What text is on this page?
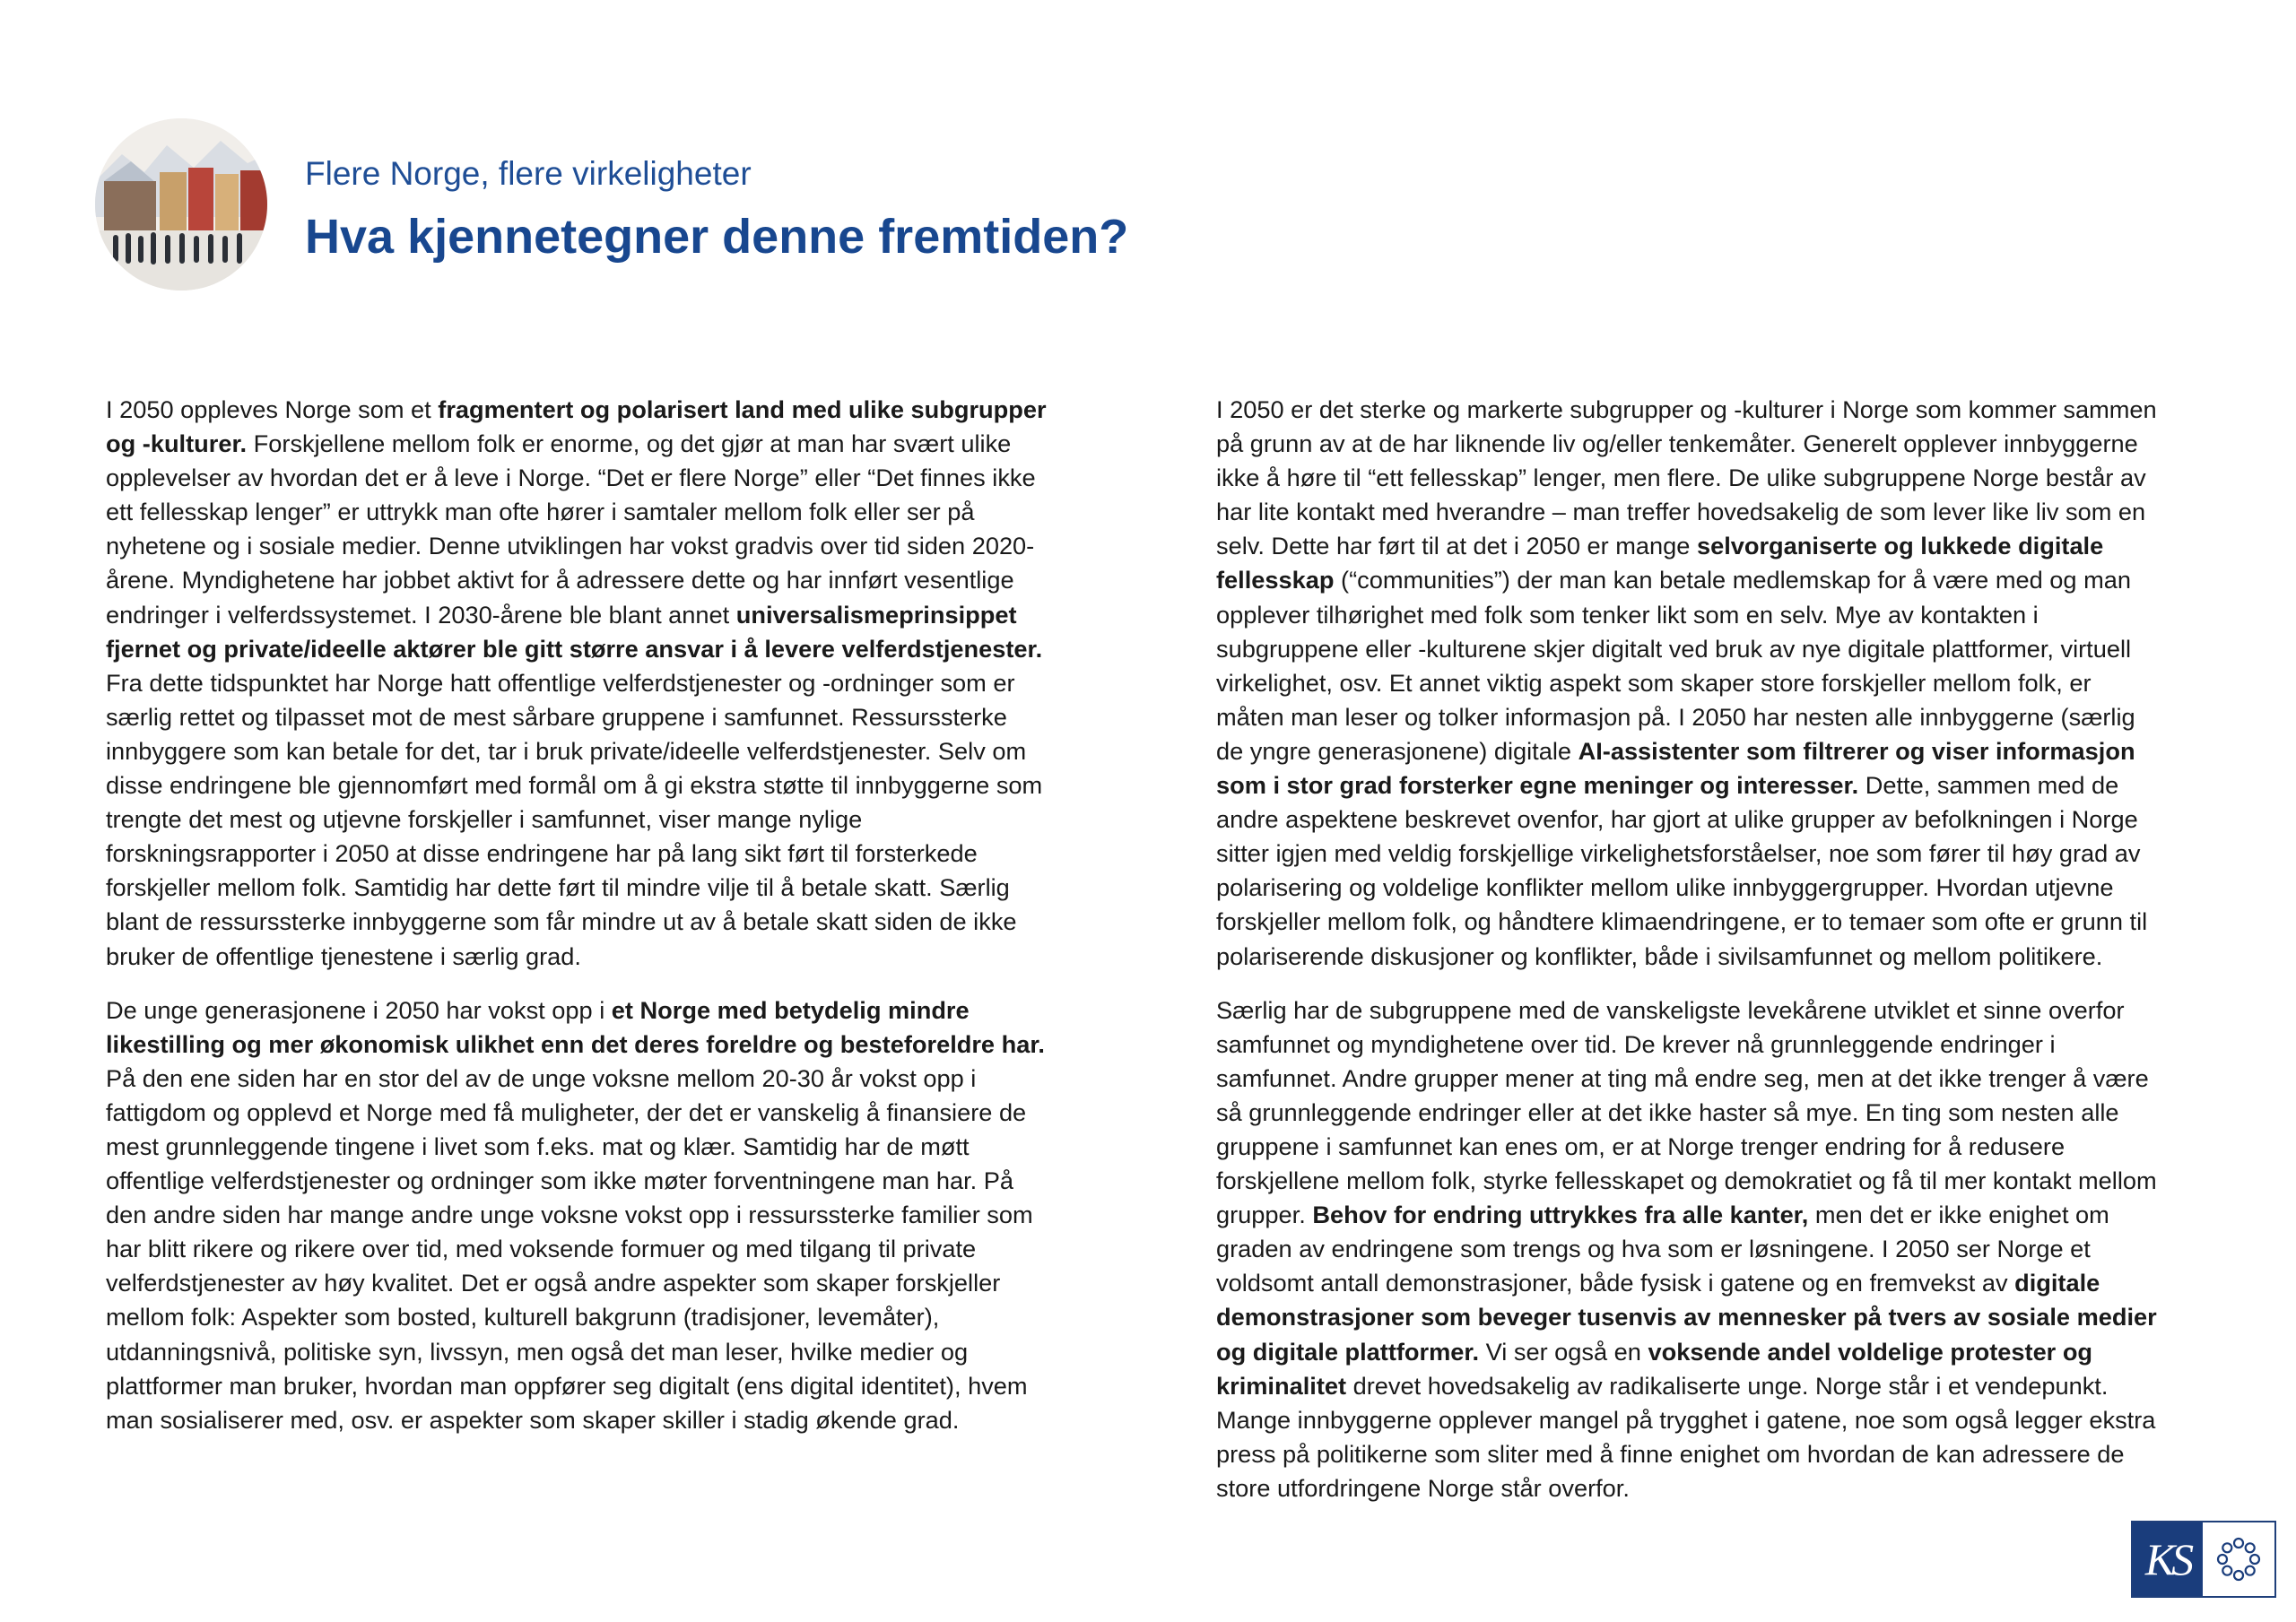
Flere Norge, flere virkeligheter
Hva kjennetegner denne fremtiden?

I 2050 oppleves Norge som et fragmentert og polarisert land med ulike subgrupper
og -kulturer. Forskjellene mellom folk er enorme, og det gjør at man har svært ulike
opplevelser av hvordan det er å leve i Norge. “Det er flere Norge” eller “Det finnes ikke
ett fellesskap lenger” er uttrykk man ofte hører i samtaler mellom folk eller ser på
nyhetene og i sosiale medier. Denne utviklingen har vokst gradvis over tid siden 2020-
årene. Myndighetene har jobbet aktivt for å adressere dette og har innført vesentlige
endringer i velferdssystemet. I 2030-årene ble blant annet universalismeprinsippet
fjernet og private/ideelle aktører ble gitt større ansvar i å levere velferdstjenester.
Fra dette tidspunktet har Norge hatt offentlige velferdstjenester og -ordninger som er
særlig rettet og tilpasset mot de mest sårbare gruppene i samfunnet. Ressurssterke
innbyggere som kan betale for det, tar i bruk private/ideelle velferdstjenester. Selv om
disse endringene ble gjennomført med formål om å gi ekstra støtte til innbyggerne som
trengte det mest og utjevne forskjeller i samfunnet, viser mange nylige
forskningsrapporter i 2050 at disse endringene har på lang sikt ført til forsterkede
forskjeller mellom folk. Samtidig har dette ført til mindre vilje til å betale skatt. Særlig
blant de ressurssterke innbyggerne som får mindre ut av å betale skatt siden de ikke
bruker de offentlige tjenestene i særlig grad.

De unge generasjonene i 2050 har vokst opp i et Norge med betydelig mindre
likestilling og mer økonomisk ulikhet enn det deres foreldre og besteforeldre har.
På den ene siden har en stor del av de unge voksne mellom 20-30 år vokst opp i
fattigdom og opplevd et Norge med få muligheter, der det er vanskelig å finansiere de
mest grunnleggende tingene i livet som f.eks. mat og klær. Samtidig har de møtt
offentlige velferdstjenester og ordninger som ikke møter forventningene man har. På
den andre siden har mange andre unge voksne vokst opp i ressurssterke familier som
har blitt rikere og rikere over tid, med voksende formuer og med tilgang til private
velferdstjenester av høy kvalitet. Det er også andre aspekter som skaper forskjeller
mellom folk: Aspekter som bosted, kulturell bakgrunn (tradisjoner, levemåter),
utdanningsnivå, politiske syn, livssyn, men også det man leser, hvilke medier og
plattformer man bruker, hvordan man oppfører seg digitalt (ens digital identitet), hvem
man sosialiserer med, osv. er aspekter som skaper skiller i stadig økende grad.

I 2050 er det sterke og markerte subgrupper og -kulturer i Norge som kommer sammen
på grunn av at de har liknende liv og/eller tenkemåter. Generelt opplever innbyggerne
ikke å høre til “ett fellesskap” lenger, men flere. De ulike subgruppene Norge består av
har lite kontakt med hverandre – man treffer hovedsakelig de som lever like liv som en
selv. Dette har ført til at det i 2050 er mange selvorganiserte og lukkede digitale
fellesskap (“communities”) der man kan betale medlemskap for å være med og man
opplever tilhørighet med folk som tenker likt som en selv. Mye av kontakten i
subgruppene eller -kulturene skjer digitalt ved bruk av nye digitale plattformer, virtuell
virkelighet, osv. Et annet viktig aspekt som skaper store forskjeller mellom folk, er
måten man leser og tolker informasjon på. I 2050 har nesten alle innbyggerne (særlig
de yngre generasjonene) digitale AI-assistenter som filtrerer og viser informasjon
som i stor grad forsterker egne meninger og interesser. Dette, sammen med de
andre aspektene beskrevet ovenfor, har gjort at ulike grupper av befolkningen i Norge
sitter igjen med veldig forskjellige virkelighetsforståelser, noe som fører til høy grad av
polarisering og voldelige konflikter mellom ulike innbyggergrupper. Hvordan utjevne
forskjeller mellom folk, og håndtere klimaendringene, er to temaer som ofte er grunn til
polariserende diskusjoner og konflikter, både i sivilsamfunnet og mellom politikere.

Særlig har de subgruppene med de vanskeligste levekårene utviklet et sinne overfor
samfunnet og myndighetene over tid. De krever nå grunnleggende endringer i
samfunnet. Andre grupper mener at ting må endre seg, men at det ikke trenger å være
så grunnleggende endringer eller at det ikke haster så mye. En ting som nesten alle
gruppene i samfunnet kan enes om, er at Norge trenger endring for å redusere
forskjellene mellom folk, styrke fellesskapet og demokratiet og få til mer kontakt mellom
grupper. Behov for endring uttrykkes fra alle kanter, men det er ikke enighet om
graden av endringene som trengs og hva som er løsningene. I 2050 ser Norge et
voldsomt antall demonstrasjoner, både fysisk i gatene og en fremvekst av digitale
demonstrasjoner som beveger tusenvis av mennesker på tvers av sosiale medier
og digitale plattformer. Vi ser også en voksende andel voldelige protester og
kriminalitet drevet hovedsakelig av radikaliserte unge. Norge står i et vendepunkt.
Mange innbyggerne opplever mangel på trygghet i gatene, noe som også legger ekstra
press på politikerne som sliter med å finne enighet om hvordan de kan adressere de
store utfordringene Norge står overfor.

KS
